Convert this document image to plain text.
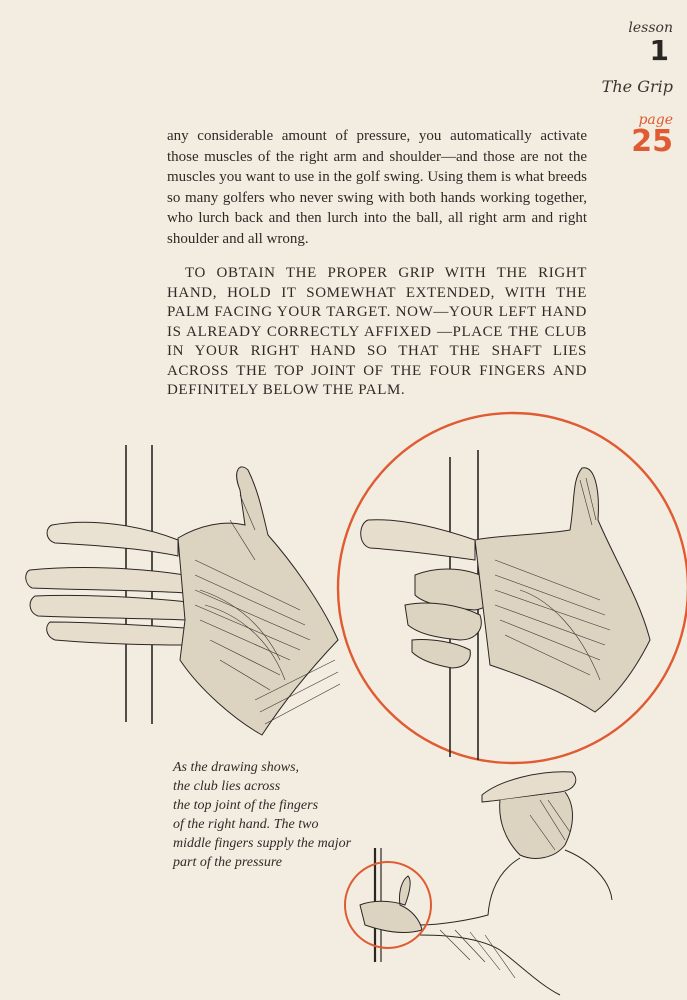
lesson
1
The Grip
page
25

any considerable amount of pressure, you automatically activate those muscles of the right arm and shoulder—and those are not the muscles you want to use in the golf swing. Using them is what breeds so many golfers who never swing with both hands working together, who lurch back and then lurch into the ball, all right arm and right shoulder and all wrong.

TO OBTAIN THE PROPER GRIP WITH THE RIGHT HAND, HOLD IT SOMEWHAT EXTENDED, WITH THE PALM FACING YOUR TARGET. NOW—YOUR LEFT HAND IS ALREADY CORRECTLY AFFIXED —PLACE THE CLUB IN YOUR RIGHT HAND SO THAT THE SHAFT LIES ACROSS THE TOP JOINT OF THE FOUR FINGERS AND DEFINITELY BELOW THE PALM.

As the drawing shows,
the club lies across
the top joint of the fingers
of the right hand. The two
middle fingers supply the major
part of the pressure
